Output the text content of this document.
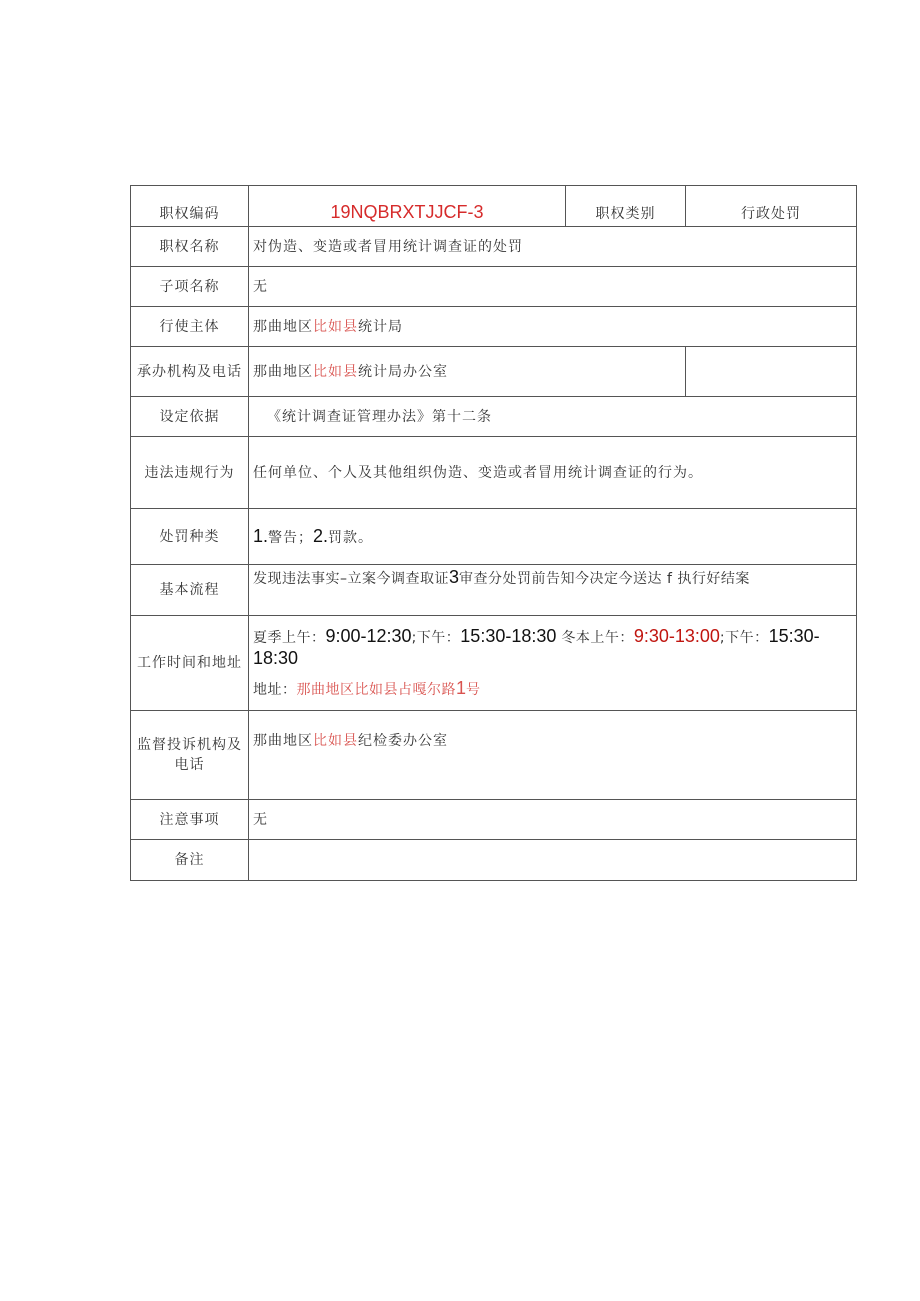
职权编码	19NQBRXTJJCF-3	职权类别	行政处罚
职权名称	对伪造、变造或者冒用统计调查证的处罚		
子项名称	无		
行使主体	那曲地区比如县统计局		
承办机构及电话	那曲地区比如县统计局办公室		
设定依据	《统计调查证管理办法》第十二条		
违法违规行为	任何单位、个人及其他组织伪造、变造或者冒用统计调查证的行为。		
处罚种类	1.警告；2.罚款。		
基本流程	发现违法事实–立案今调查取证3审查分处罚前告知今决定今送达 f 执行好结案		
工作时间和地址	夏季上午：9:00-12:30;下午：15:30-18:30 冬本上午：9:30-13:00;下午：15:30-18:30
地址：那曲地区比如县占嘎尔路1号		

监督投诉机构及电话	那曲地区比如县纪检委办公室		
注意事项	无		
备注			
